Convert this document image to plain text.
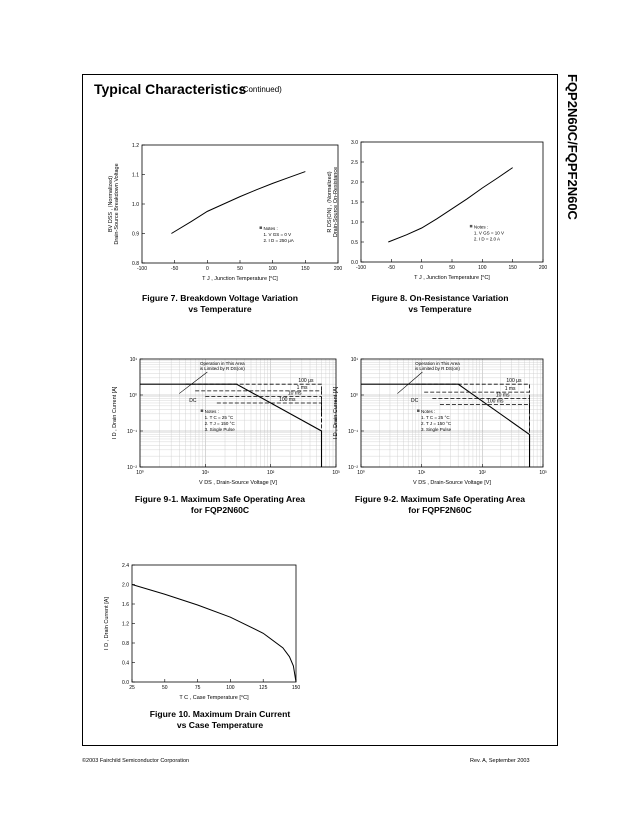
FQP2N60C/FQPF2N60C
Typical Characteristics
(Continued)
-100	-50	0	50	100	150	200
0.8
0.9
1.0
1.1
1.2
T J , Junction Temperature [°C]
BV DSS , (Normalized) Drain-Source Breakdown Voltage	Notes :
1. V GS = 0 V
2. I D = 250 μA
Figure 7. Breakdown Voltage Variation
vs Temperature
-100	-50	0	50	100	150	200
0.0
0.5
1.0
1.5
2.0
2.5
3.0
T J , Junction Temperature [°C]
R DS(ON) , (Normalized) Drain-Source On-Resistance	Notes :
1. V GS = 10 V
2. I D = 2.0 A
Figure 8. On-Resistance Variation
vs Temperature
10⁰	10¹	10²	10³
10⁻²
10⁻¹
10⁰
10¹
V DS , Drain-Source Voltage [V]
I D , Drain Current [A]
100 μs
1 ms
10 ms
100 ms
DC
Operation in This Area
is Limited by R DS(on)
Notes :
1. T C = 25 °C
2. T J = 150 °C
3. Single Pulse
Figure 9-1. Maximum Safe Operating Area
for FQP2N60C
10⁰	10¹	10²	10³
10⁻²
10⁻¹
10⁰
10¹
V DS , Drain-Source Voltage [V]
I D , Drain Current [A]
100 μs
1 ms
10 ms
100 ms
DC
Operation in This Area
is Limited by R DS(on)
Notes :
1. T C = 25 °C
2. T J = 150 °C
3. Single Pulse
Figure 9-2. Maximum Safe Operating Area
for FQPF2N60C
25	50	75	100	125	150
0.0
0.4
0.8
1.2
1.6
2.0
2.4
T C , Case Temperature [°C]
I D , Drain Current [A]
Figure 10. Maximum Drain Current
vs Case Temperature
©2003 Fairchild Semiconductor Corporation	Rev. A, September 2003
